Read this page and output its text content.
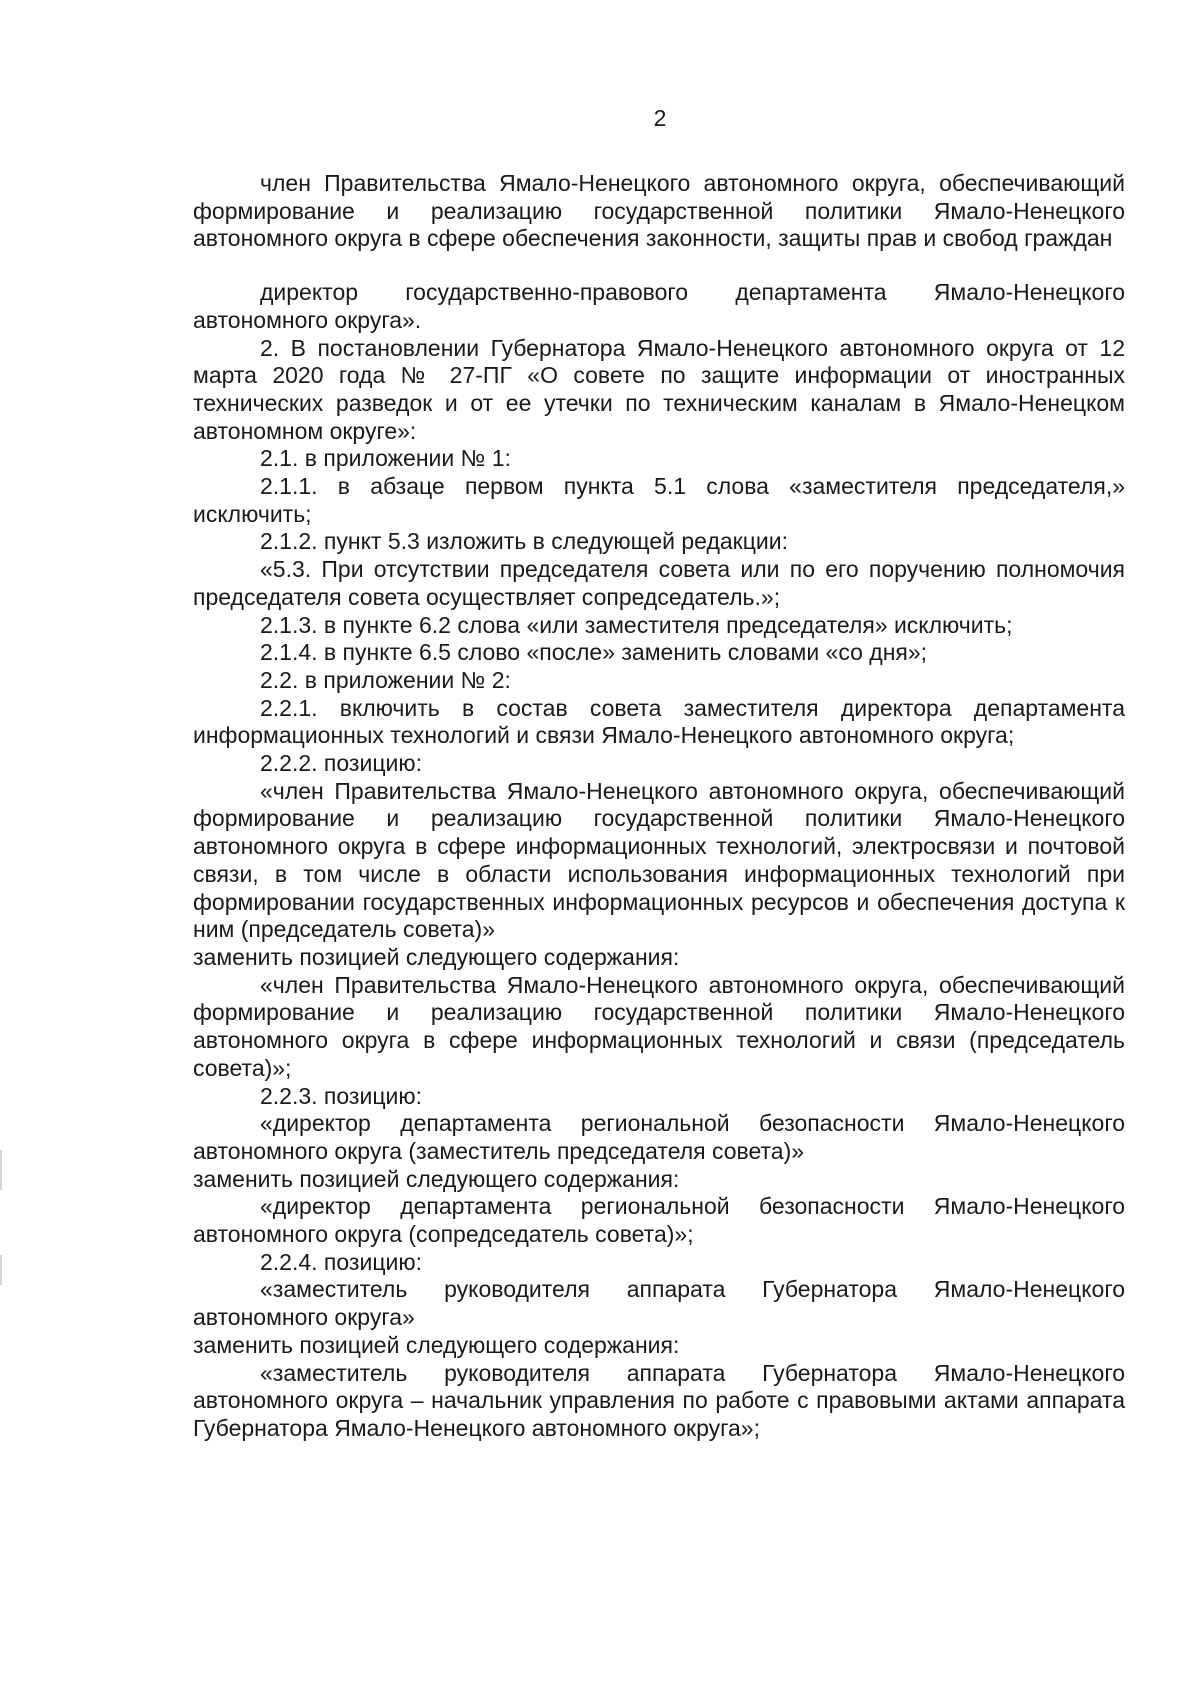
2

член Правительства Ямало-Ненецкого автономного округа, обеспечивающий формирование и реализацию государственной политики Ямало-Ненецкого автономного округа в сфере обеспечения законности, защиты прав и свобод граждан

директор государственно-правового департамента Ямало-Ненецкого автономного округа».

2. В постановлении Губернатора Ямало-Ненецкого автономного округа от 12 марта 2020 года № 27-ПГ «О совете по защите информации от иностранных технических разведок и от ее утечки по техническим каналам в Ямало-Ненецком автономном округе»:

2.1. в приложении № 1:

2.1.1. в абзаце первом пункта 5.1 слова «заместителя председателя,» исключить;

2.1.2. пункт 5.3 изложить в следующей редакции:

«5.3. При отсутствии председателя совета или по его поручению полномочия председателя совета осуществляет сопредседатель.»;

2.1.3. в пункте 6.2 слова «или заместителя председателя» исключить;

2.1.4. в пункте 6.5 слово «после» заменить словами «со дня»;

2.2. в приложении № 2:

2.2.1. включить в состав совета заместителя директора департамента информационных технологий и связи Ямало-Ненецкого автономного округа;

2.2.2. позицию:

«член Правительства Ямало-Ненецкого автономного округа, обеспечивающий формирование и реализацию государственной политики Ямало-Ненецкого автономного округа в сфере информационных технологий, электросвязи и почтовой связи, в том числе в области использования информационных технологий при формировании государственных информационных ресурсов и обеспечения доступа к ним (председатель совета)»

заменить позицией следующего содержания:

«член Правительства Ямало-Ненецкого автономного округа, обеспечивающий формирование и реализацию государственной политики Ямало-Ненецкого автономного округа в сфере информационных технологий и связи (председатель совета)»;

2.2.3. позицию:

«директор департамента региональной безопасности Ямало-Ненецкого автономного округа (заместитель председателя совета)»

заменить позицией следующего содержания:

«директор департамента региональной безопасности Ямало-Ненецкого автономного округа (сопредседатель совета)»;

2.2.4. позицию:

«заместитель руководителя аппарата Губернатора Ямало-Ненецкого автономного округа»

заменить позицией следующего содержания:

«заместитель руководителя аппарата Губернатора Ямало-Ненецкого автономного округа – начальник управления по работе с правовыми актами аппарата Губернатора Ямало-Ненецкого автономного округа»;
